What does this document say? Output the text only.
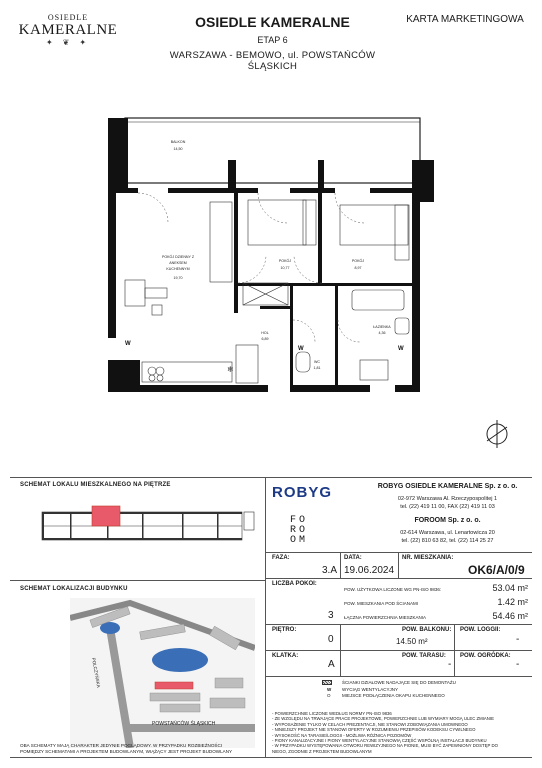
OSIEDLE
KAMERALNE
✦ ❦ ✦
OSIEDLE KAMERALNE
ETAP 6
WARSZAWA - BEMOWO, ul. POWSTAŃCÓW ŚLĄSKICH
KARTA MARKETINGOWA
❄
W
W	W
BALKON
14,50
POKÓJ DZIENNY Z
ANEKSEM
KUCHENNYM
19,70
POKÓJ
10,77
POKÓJ
8,97
HOL
6,89
WC
1,81
ŁAZIENKA
4,36
SCHEMAT LOKALU MIESZKALNEGO NA PIĘTRZE
SCHEMAT LOKALIZACJI BUDYNKU
POLCZYŃSKA
POWSTAŃCÓW ŚLĄSKICH
ROBYG	ROBYG OSIEDLE KAMERALNE Sp. z o. o.
02-972 Warszawa Al. Rzeczypospolitej 1
tel. (22) 419 11 00, FAX (22) 419 11 03
FO
RO
OM
FOROOM Sp. z o. o.
02-614 Warszawa, ul. Lenartowicza 20
tel. (22) 810 63 82, tel. (22) 114 25 27
FAZA:
3.A
DATA:
19.06.2024
NR. MIESZKANIA:
OK6/A/0/9
LICZBA POKOI:
3
POW. UŻYTKOWA LICZONE WG PN-ISO 9836:	53.04 m²
POW. MIESZKANIA POD ŚCIANAMI	1.42 m²
ŁĄCZNA POWIERZCHNIA MIESZKANIA	54.46 m²
PIĘTRO:
0
POW. BALKONU:
14.50 m²
POW. LOGGII:
-
KLATKA:
A
POW. TARASU:
-
POW. OGRÓDKA:
-
ŚCIANKI DZIAŁOWE NADAJĄCE SIĘ DO DEMONTAŻU
W WYCIĄG WENTYLACYJNY
O	MIEJSCE PODŁĄCZENIA OKAPU KUCHENNEGO
- POWIERZCHNIE LICZONE WEDŁUG NORMY PN-ISO 9836
- ZE WZGLĘDU NA TRWAJĄCE PRACE PROJEKTOWE, POWIERZCHNIE LUB WYMIARY MOGĄ ULEC ZMIANIE
- WYPOSAŻENIE TYLKO W CELACH PREZENTACJI, NIE STANOWI ZOBOWIĄZANIA UMOWNEGO
- NINIEJSZY PROJEKT NIE STANOWI OFERTY W ROZUMIENIU PRZEPISÓW KODEKSU CYWILNEGO
- WYSOKOŚĆ NA TARASIE/LOGGII - MOŻLIWA RÓŻNICA POZIOMÓW
- PIONY KANALIZACYJNE I PIONY WENTYLACYJNE STANOWIĄ CZĘŚĆ WSPÓLNĄ INSTALACJI BUDYNKU
- W PRZYPADKU WYSTĘPOWANIA OTWORU REWIZYJNEGO NA PIONIE, MUSI BYĆ ZAPEWNIONY DOSTĘP DO
NIEGO, ZGODNIE Z PROJEKTEM BUDOWLANYM
OBA SCHEMATY MAJĄ CHARAKTER JEDYNIE POGLĄDOWY. W PRZYPADKU ROZBIEŻNOŚCI
POMIĘDZY SCHEMATAMI A PROJEKTEM BUDOWLANYM, WIĄŻĄCY JEST PROJEKT BUDOWLANY
